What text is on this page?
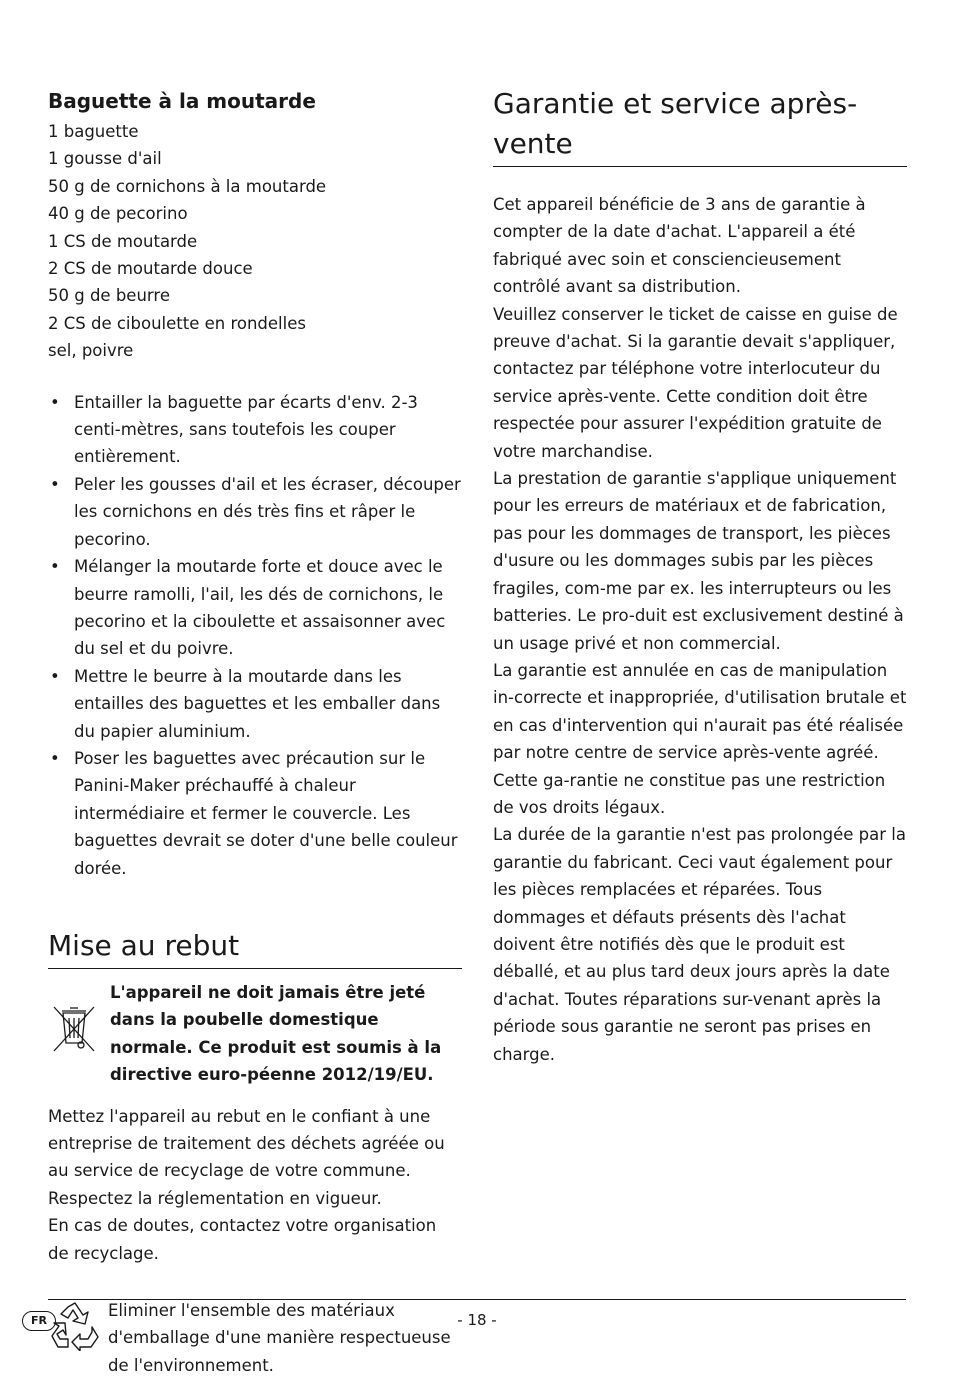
Baguette à la moutarde

1 baguette

1 gousse d'ail

50 g de cornichons à la moutarde

40 g de pecorino

1 CS de moutarde

2 CS de moutarde douce

50 g de beurre

2 CS de ciboulette en rondelles

sel, poivre

• Entailler la baguette par écarts d'env. 2-3 centi-mètres, sans toutefois les couper entièrement.
• Peler les gousses d'ail et les écraser, découper les cornichons en dés très fins et râper le pecorino.
• Mélanger la moutarde forte et douce avec le beurre ramolli, l'ail, les dés de cornichons, le pecorino et la ciboulette et assaisonner avec du sel et du poivre.
• Mettre le beurre à la moutarde dans les entailles des baguettes et les emballer dans du papier aluminium.
• Poser les baguettes avec précaution sur le Panini-Maker préchauffé à chaleur intermédiaire et fermer le couvercle. Les baguettes devrait se doter d'une belle couleur dorée.
Mise au rebut
L'appareil ne doit jamais être jeté dans la poubelle domestique normale. Ce produit est soumis à la directive euro-péenne 2012/19/EU.

Mettez l'appareil au rebut en le confiant à une entreprise de traitement des déchets agréée ou au service de recyclage de votre commune.

Respectez la réglementation en vigueur.

En cas de doutes, contactez votre organisation de recyclage.

Eliminer l'ensemble des matériaux d'emballage d'une manière respectueuse de l'environnement.
Garantie et service après-vente

Cet appareil bénéficie de 3 ans de garantie à compter de la date d'achat. L'appareil a été fabriqué avec soin et consciencieusement contrôlé avant sa distribution.

Veuillez conserver le ticket de caisse en guise de preuve d'achat. Si la garantie devait s'appliquer, contactez par téléphone votre interlocuteur du service après-vente. Cette condition doit être respectée pour assurer l'expédition gratuite de votre marchandise.

La prestation de garantie s'applique uniquement pour les erreurs de matériaux et de fabrication, pas pour les dommages de transport, les pièces d'usure ou les dommages subis par les pièces fragiles, com-me par ex. les interrupteurs ou les batteries. Le pro-duit est exclusivement destiné à un usage privé et non commercial.

La garantie est annulée en cas de manipulation in-correcte et inappropriée, d'utilisation brutale et en cas d'intervention qui n'aurait pas été réalisée par notre centre de service après-vente agréé. Cette ga-rantie ne constitue pas une restriction de vos droits légaux.

La durée de la garantie n'est pas prolongée par la garantie du fabricant. Ceci vaut également pour les pièces remplacées et réparées. Tous dommages et défauts présents dès l'achat doivent être notifiés dès que le produit est déballé, et au plus tard deux jours après la date d'achat. Toutes réparations sur-venant après la période sous garantie ne seront pas prises en charge.

FR	- 18 -
